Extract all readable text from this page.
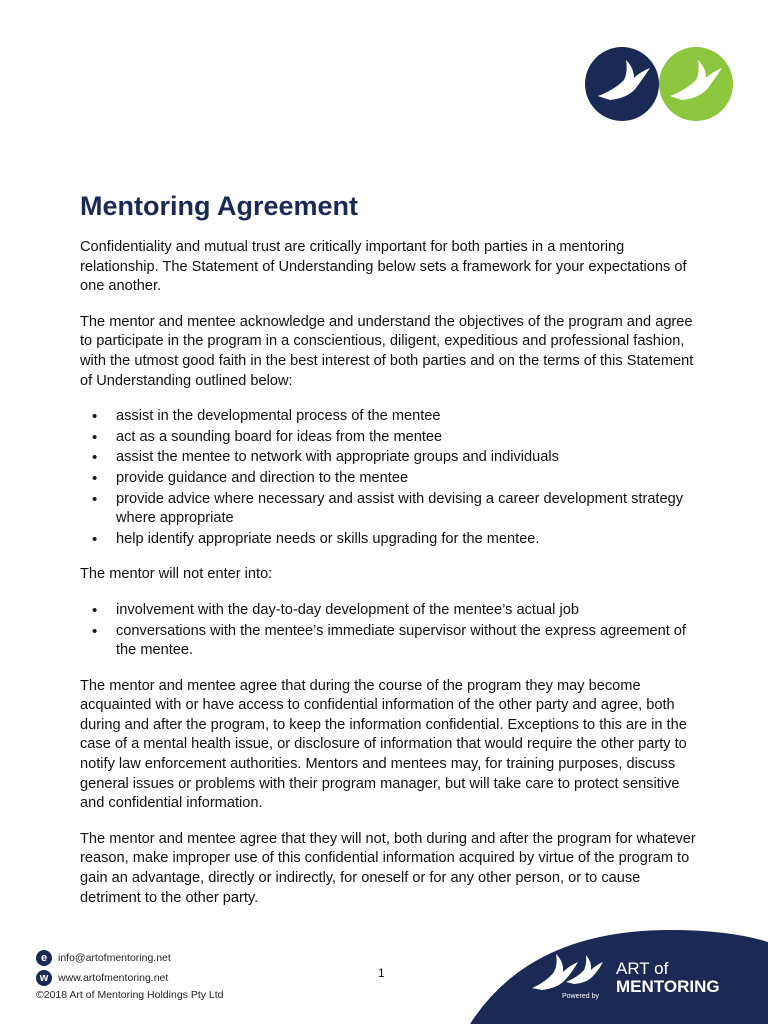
Mentoring Agreement

Confidentiality and mutual trust are critically important for both parties in a mentoring relationship. The Statement of Understanding below sets a framework for your expectations of one another.

The mentor and mentee acknowledge and understand the objectives of the program and agree to participate in the program in a conscientious, diligent, expeditious and professional fashion, with the utmost good faith in the best interest of both parties and on the terms of this Statement of Understanding outlined below:

• assist in the developmental process of the mentee
• act as a sounding board for ideas from the mentee
• assist the mentee to network with appropriate groups and individuals
• provide guidance and direction to the mentee
• provide advice where necessary and assist with devising a career development strategy where appropriate
• help identify appropriate needs or skills upgrading for the mentee.

The mentor will not enter into:

• involvement with the day-to-day development of the mentee’s actual job
• conversations with the mentee’s immediate supervisor without the express agreement of the mentee.

The mentor and mentee agree that during the course of the program they may become acquainted with or have access to confidential information of the other party and agree, both during and after the program, to keep the information confidential. Exceptions to this are in the case of a mental health issue, or disclosure of information that would require the other party to notify law enforcement authorities. Mentors and mentees may, for training purposes, discuss general issues or problems with their program manager, but will take care to protect sensitive and confidential information.

The mentor and mentee agree that they will not, both during and after the program for whatever reason, make improper use of this confidential information acquired by virtue of the program to gain an advantage, directly or indirectly, for oneself or for any other person, or to cause detriment to the other party.

e	info@artofmentoring.net
w www.artofmentoring.net
©2018 Art of Mentoring Holdings Pty Ltd
1	ART of
MENTORING
Powered by
